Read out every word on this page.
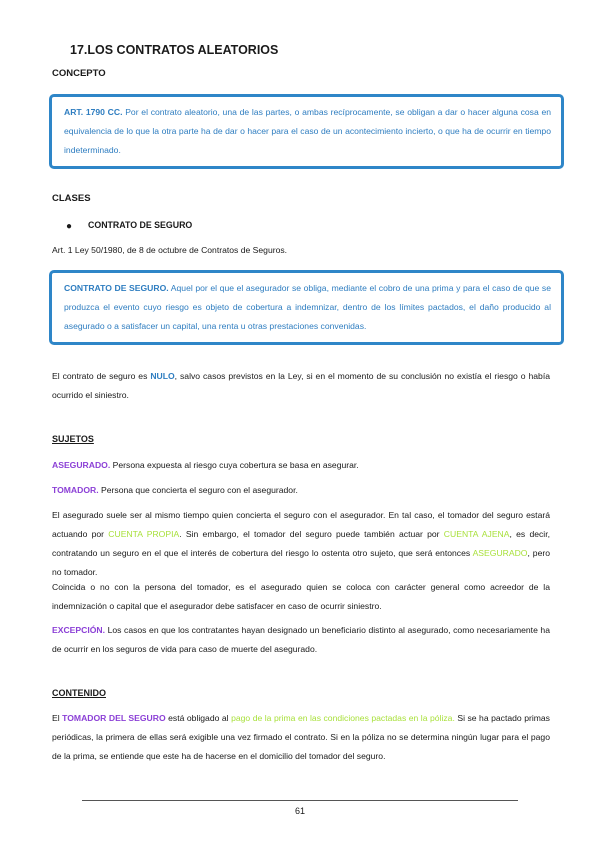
17.LOS CONTRATOS ALEATORIOS
CONCEPTO
ART. 1790 CC. Por el contrato aleatorio, una de las partes, o ambas recíprocamente, se obligan a dar o hacer alguna cosa en equivalencia de lo que la otra parte ha de dar o hacer para el caso de un acontecimiento incierto, o que ha de ocurrir en tiempo indeterminado.
CLASES
● CONTRATO DE SEGURO
Art. 1 Ley 50/1980, de 8 de octubre de Contratos de Seguros.
CONTRATO DE SEGURO. Aquel por el que el asegurador se obliga, mediante el cobro de una prima y para el caso de que se produzca el evento cuyo riesgo es objeto de cobertura a indemnizar, dentro de los límites pactados, el daño producido al asegurado o a satisfacer un capital, una renta u otras prestaciones convenidas.
El contrato de seguro es NULO, salvo casos previstos en la Ley, si en el momento de su conclusión no existía el riesgo o había ocurrido el siniestro.
SUJETOS
ASEGURADO. Persona expuesta al riesgo cuya cobertura se basa en asegurar.
TOMADOR. Persona que concierta el seguro con el asegurador.
El asegurado suele ser al mismo tiempo quien concierta el seguro con el asegurador. En tal caso, el tomador del seguro estará actuando por CUENTA PROPIA. Sin embargo, el tomador del seguro puede también actuar por CUENTA AJENA, es decir, contratando un seguro en el que el interés de cobertura del riesgo lo ostenta otro sujeto, que será entonces ASEGURADO, pero no tomador.
Coincida o no con la persona del tomador, es el asegurado quien se coloca con carácter general como acreedor de la indemnización o capital que el asegurador debe satisfacer en caso de ocurrir siniestro.
EXCEPCIÓN. Los casos en que los contratantes hayan designado un beneficiario distinto al asegurado, como necesariamente ha de ocurrir en los seguros de vida para caso de muerte del asegurado.
CONTENIDO
El TOMADOR DEL SEGURO está obligado al pago de la prima en las condiciones pactadas en la póliza. Si se ha pactado primas periódicas, la primera de ellas será exigible una vez firmado el contrato. Si en la póliza no se determina ningún lugar para el pago de la prima, se entiende que este ha de hacerse en el domicilio del tomador del seguro.
61
